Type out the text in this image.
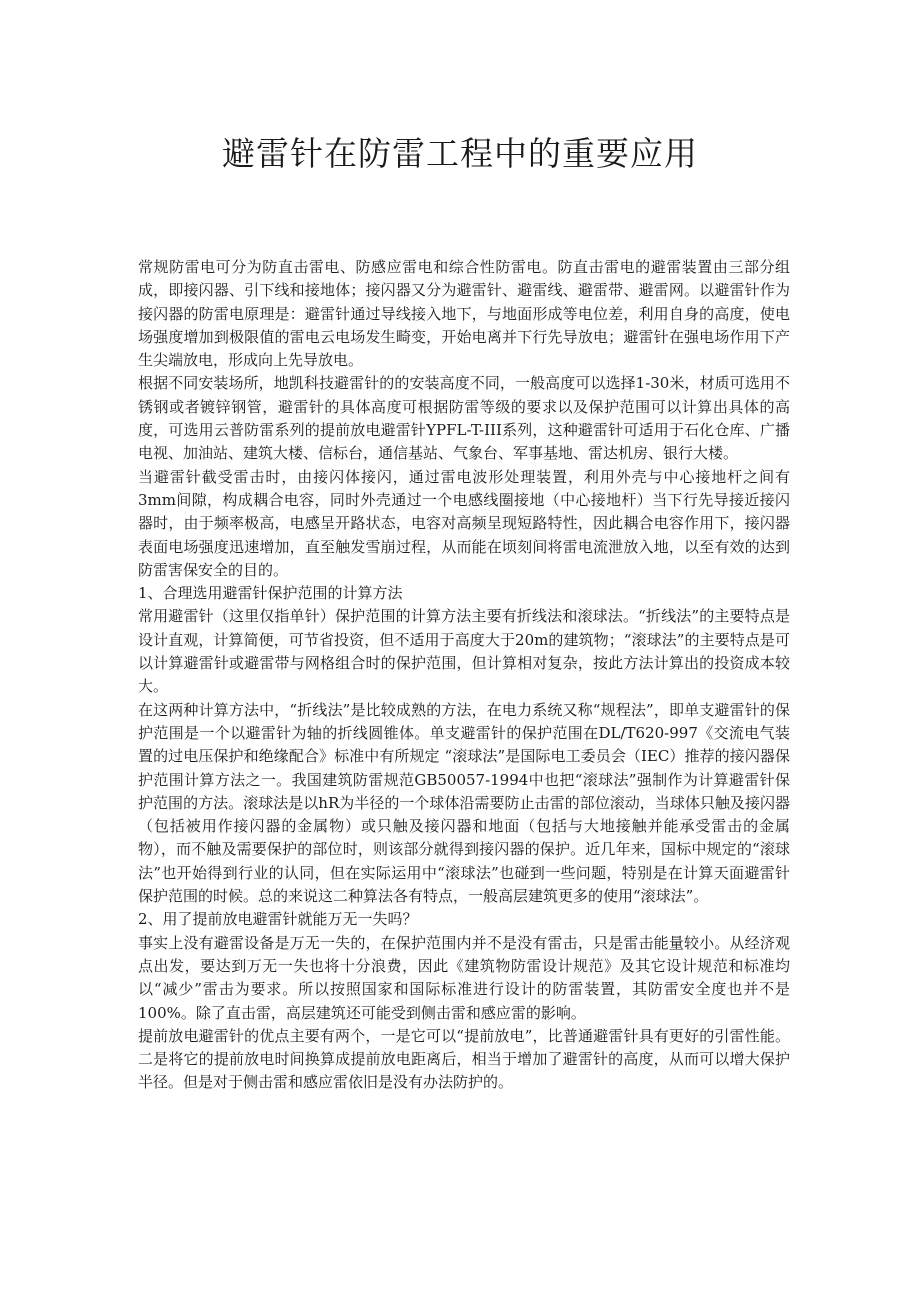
避雷针在防雷工程中的重要应用

常规防雷电可分为防直击雷电、防感应雷电和综合性防雷电。防直击雷电的避雷装置由三部分组成，即接闪器、引下线和接地体；接闪器又分为避雷针、避雷线、避雷带、避雷网。以避雷针作为接闪器的防雷电原理是：避雷针通过导线接入地下，与地面形成等电位差，利用自身的高度，使电场强度增加到极限值的雷电云电场发生畸变，开始电离并下行先导放电；避雷针在强电场作用下产生尖端放电，形成向上先导放电。

根据不同安装场所，地凯科技避雷针的的安装高度不同，一般高度可以选择1-30米，材质可选用不锈钢或者镀锌钢管，避雷针的具体高度可根据防雷等级的要求以及保护范围可以计算出具体的高度，可选用云普防雷系列的提前放电避雷针YPFL-T-III系列，这种避雷针可适用于石化仓库、广播电视、加油站、建筑大楼、信标台，通信基站、气象台、军事基地、雷达机房、银行大楼。

当避雷针截受雷击时，由接闪体接闪，通过雷电波形处理装置，利用外壳与中心接地杆之间有3mm间隙，构成耦合电容，同时外壳通过一个电感线圈接地（中心接地杆）当下行先导接近接闪器时，由于频率极高，电感呈开路状态，电容对高频呈现短路特性，因此耦合电容作用下，接闪器表面电场强度迅速增加，直至触发雪崩过程，从而能在顷刻间将雷电流泄放入地，以至有效的达到防雷害保安全的目的。

1、合理选用避雷针保护范围的计算方法

常用避雷针（这里仅指单针）保护范围的计算方法主要有折线法和滚球法。“折线法”的主要特点是设计直观，计算简便，可节省投资，但不适用于高度大于20m的建筑物；“滚球法”的主要特点是可以计算避雷针或避雷带与网格组合时的保护范围，但计算相对复杂，按此方法计算出的投资成本较大。

在这两种计算方法中，“折线法”是比较成熟的方法，在电力系统又称“规程法”，即单支避雷针的保护范围是一个以避雷针为轴的折线圆锥体。单支避雷针的保护范围在DL/T620-997《交流电气装置的过电压保护和绝缘配合》标准中有所规定 “滚球法”是国际电工委员会（IEC）推荐的接闪器保护范围计算方法之一。我国建筑防雷规范GB50057-1994中也把“滚球法”强制作为计算避雷针保护范围的方法。滚球法是以hR为半径的一个球体沿需要防止击雷的部位滚动，当球体只触及接闪器（包括被用作接闪器的金属物）或只触及接闪器和地面（包括与大地接触并能承受雷击的金属物），而不触及需要保护的部位时，则该部分就得到接闪器的保护。近几年来，国标中规定的“滚球法”也开始得到行业的认同，但在实际运用中“滚球法”也碰到一些问题，特别是在计算天面避雷针保护范围的时候。总的来说这二种算法各有特点，一般高层建筑更多的使用“滚球法”。

2、用了提前放电避雷针就能万无一失吗？

事实上没有避雷设备是万无一失的，在保护范围内并不是没有雷击，只是雷击能量较小。从经济观点出发，要达到万无一失也将十分浪费，因此《建筑物防雷设计规范》及其它设计规范和标准均以“减少”雷击为要求。所以按照国家和国际标准进行设计的防雷装置，其防雷安全度也并不是100%。除了直击雷，高层建筑还可能受到侧击雷和感应雷的影响。

提前放电避雷针的优点主要有两个，一是它可以“提前放电”，比普通避雷针具有更好的引雷性能。二是将它的提前放电时间换算成提前放电距离后，相当于增加了避雷针的高度，从而可以增大保护半径。但是对于侧击雷和感应雷依旧是没有办法防护的。
